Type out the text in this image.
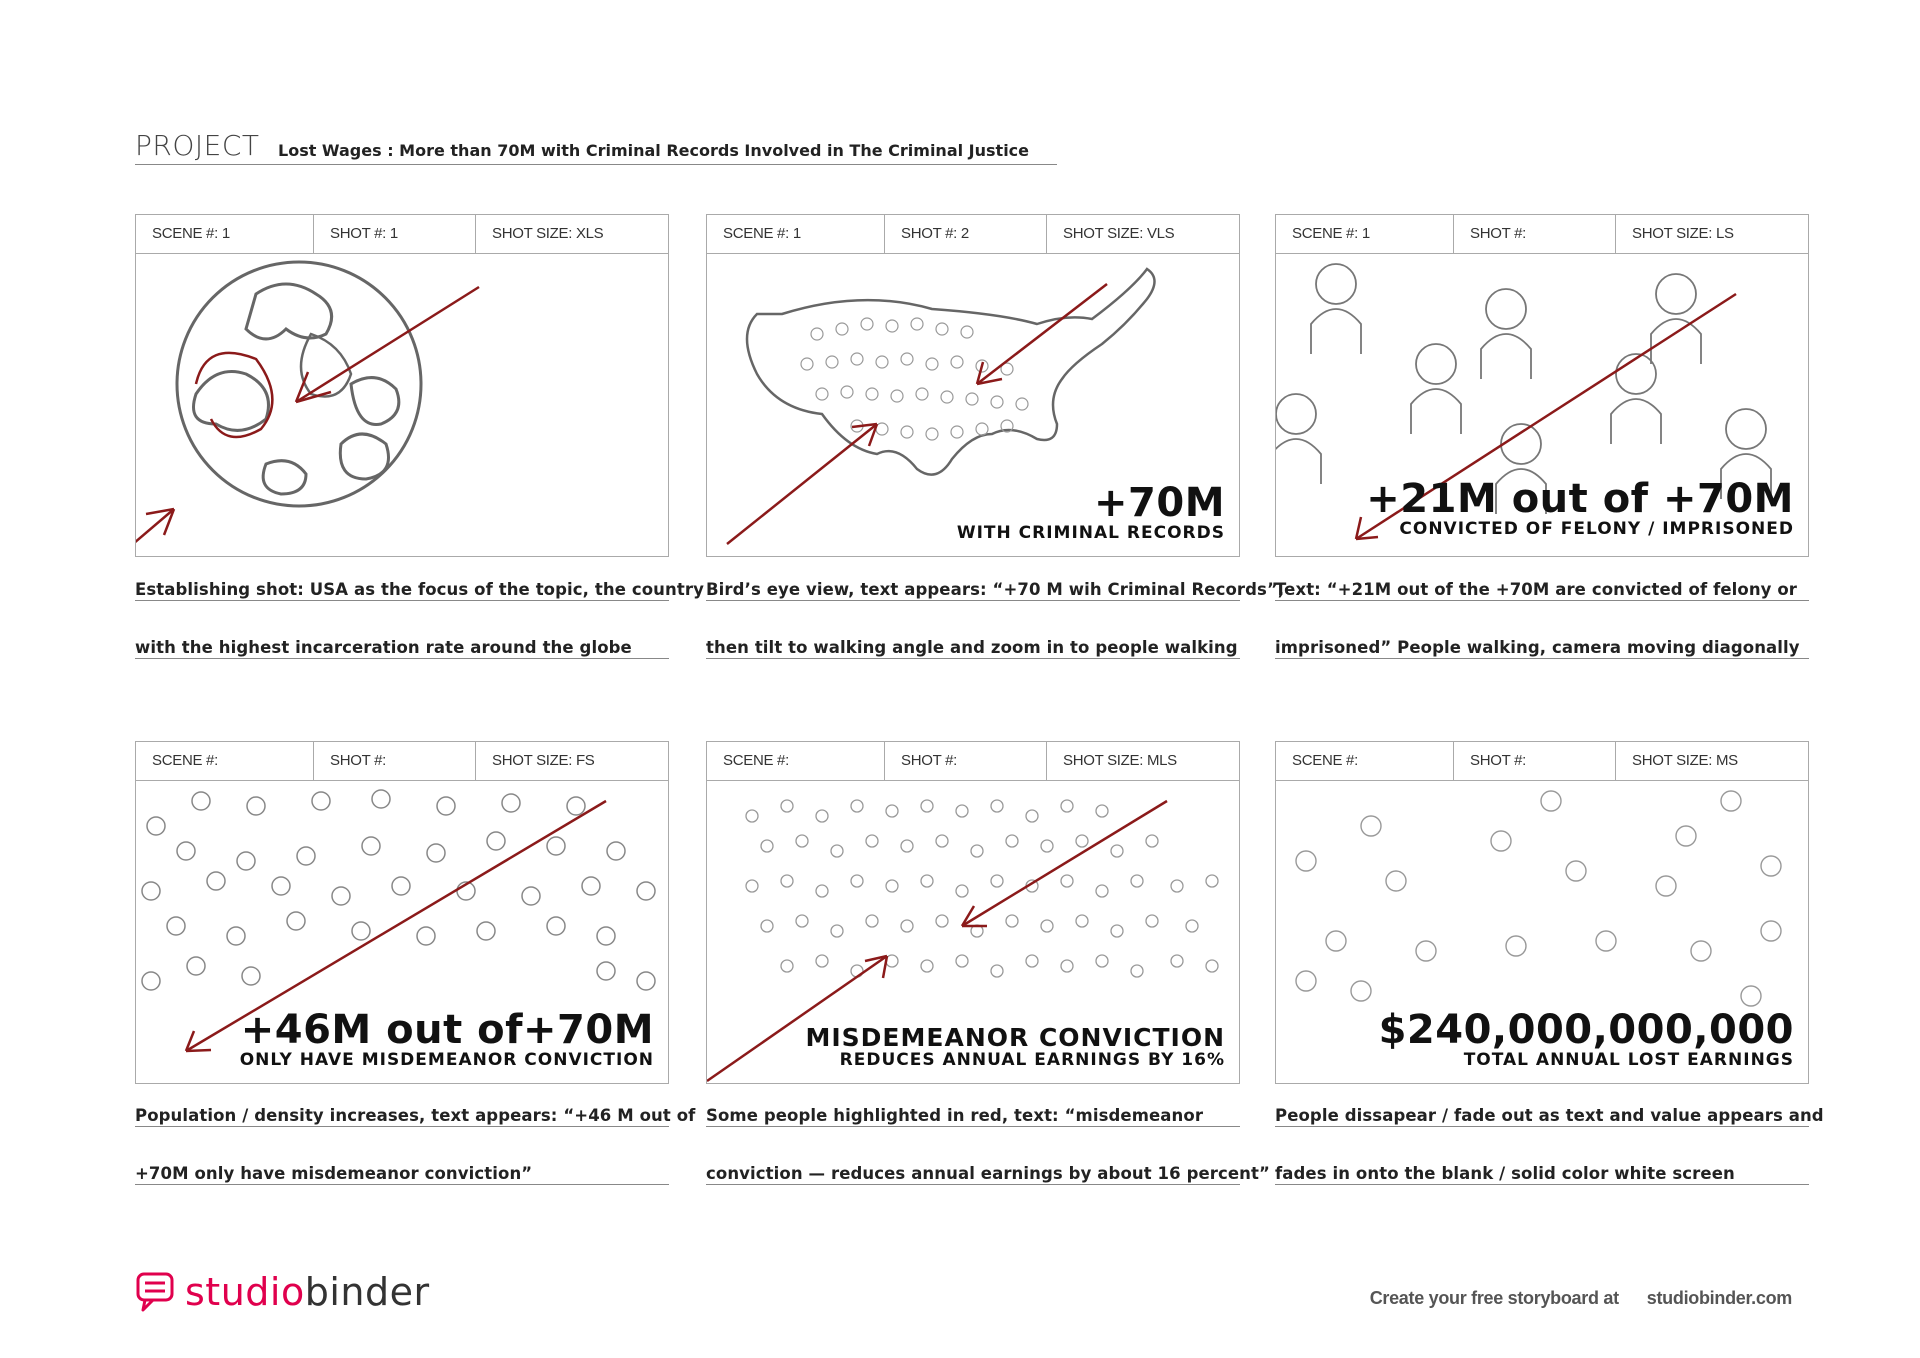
PROJECT Lost Wages : More than 70M with Criminal Records Involved in The Criminal Justice
SCENE #: 1	SHOT #: 1	SHOT SIZE: XLS
Establishing shot: USA as the focus of the topic, the country
with the highest incarceration rate around the globe
SCENE #: 1	SHOT #: 2	SHOT SIZE: VLS
+70M
WITH CRIMINAL RECORDS
Bird’s eye view, text appears: “+70 M wih Criminal Records”,
then tilt to walking angle and zoom in to people walking
SCENE #: 1	SHOT #:	SHOT SIZE: LS
+21M out of +70M
CONVICTED OF FELONY / IMPRISONED
Text: “+21M out of the +70M are convicted of felony or
imprisoned” People walking, camera moving diagonally
SCENE #:	SHOT #:	SHOT SIZE: FS
+46M out of+70M
ONLY HAVE MISDEMEANOR CONVICTION
Population / density increases, text appears: “+46 M out of
+70M only have misdemeanor conviction”
SCENE #:	SHOT #:	SHOT SIZE: MLS
MISDEMEANOR CONVICTION
REDUCES ANNUAL EARNINGS BY 16%
Some people highlighted in red, text: “misdemeanor
conviction — reduces annual earnings by about 16 percent”
SCENE #:	SHOT #:	SHOT SIZE: MS
$240,000,000,000
TOTAL ANNUAL LOST EARNINGS
People dissapear / fade out as text and value appears and
fades in onto the blank / solid color white screen
studiobinder	Create your free storyboard at studiobinder.com
